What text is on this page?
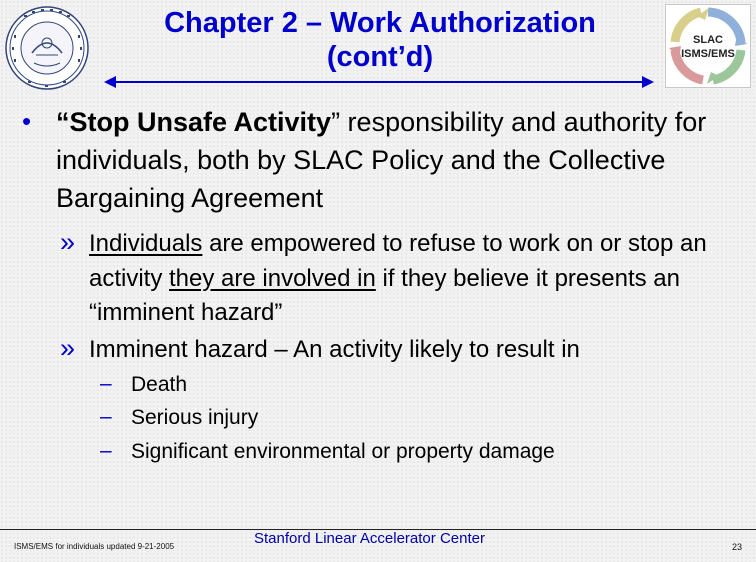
Chapter 2 – Work Authorization
(cont’d)
SLAC
ISMS/EMS
• “Stop Unsafe Activity” responsibility and authority for individuals, both by SLAC Policy and the Collective Bargaining Agreement
» Individuals are empowered to refuse to work on or stop an activity they are involved in if they believe it presents an “imminent hazard”
» Imminent hazard – An activity likely to result in
– Death
– Serious injury
– Significant environmental or property damage
ISMS/EMS for individuals updated 9-21-2005	Stanford Linear Accelerator Center	23
